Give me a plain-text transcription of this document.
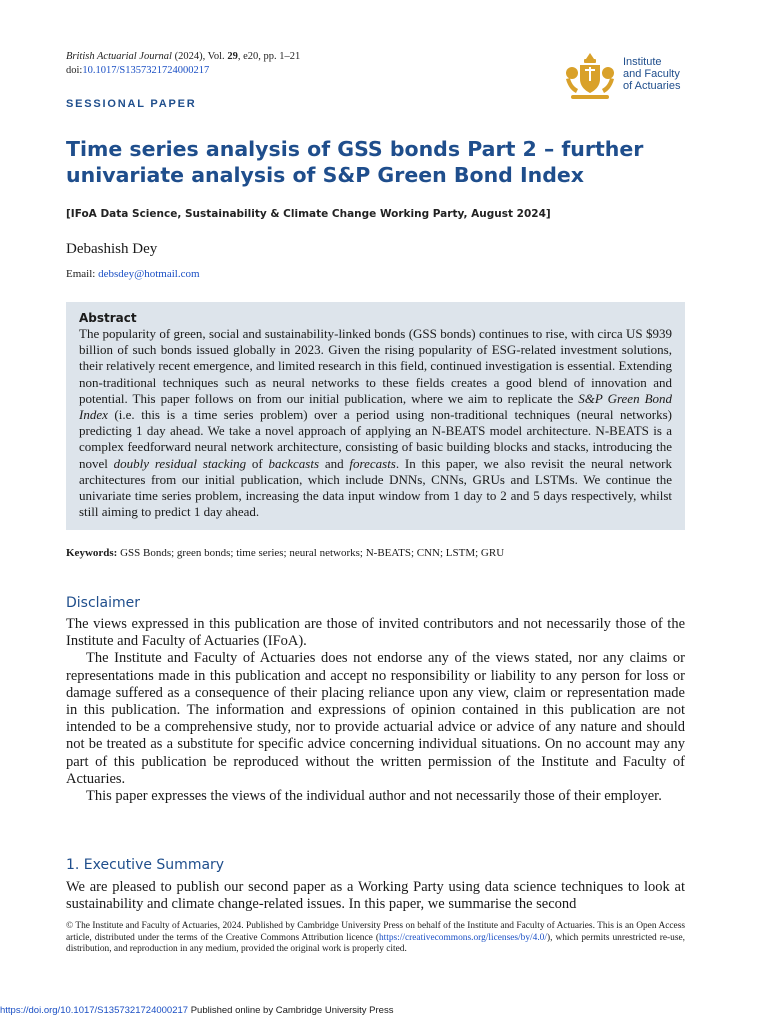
British Actuarial Journal (2024), Vol. 29, e20, pp. 1–21
doi:10.1017/S1357321724000217
Institute
and Faculty
of Actuaries
SESSIONAL PAPER
Time series analysis of GSS bonds Part 2 – further univariate analysis of S&P Green Bond Index
[IFoA Data Science, Sustainability & Climate Change Working Party, August 2024]
Debashish Dey
Email: debsdey@hotmail.com
Abstract
The popularity of green, social and sustainability-linked bonds (GSS bonds) continues to rise, with circa US $939 billion of such bonds issued globally in 2023. Given the rising popularity of ESG-related investment solutions, their relatively recent emergence, and limited research in this field, continued investigation is essential. Extending non-traditional techniques such as neural networks to these fields creates a good blend of innovation and potential. This paper follows on from our initial publication, where we aim to replicate the S&P Green Bond Index (i.e. this is a time series problem) over a period using non-traditional techniques (neural networks) predicting 1 day ahead. We take a novel approach of applying an N-BEATS model architecture. N-BEATS is a complex feedforward neural network architecture, consisting of basic building blocks and stacks, introducing the novel doubly residual stacking of backcasts and forecasts. In this paper, we also revisit the neural network architectures from our initial publication, which include DNNs, CNNs, GRUs and LSTMs. We continue the univariate time series problem, increasing the data input window from 1 day to 2 and 5 days respectively, whilst still aiming to predict 1 day ahead.
Keywords: GSS Bonds; green bonds; time series; neural networks; N-BEATS; CNN; LSTM; GRU
Disclaimer

The views expressed in this publication are those of invited contributors and not necessarily those of the Institute and Faculty of Actuaries (IFoA).

The Institute and Faculty of Actuaries does not endorse any of the views stated, nor any claims or representations made in this publication and accept no responsibility or liability to any person for loss or damage suffered as a consequence of their placing reliance upon any view, claim or representation made in this publication. The information and expressions of opinion contained in this publication are not intended to be a comprehensive study, nor to provide actuarial advice or advice of any nature and should not be treated as a substitute for specific advice concerning individual situations. On no account may any part of this publication be reproduced without the written permission of the Institute and Faculty of Actuaries.

This paper expresses the views of the individual author and not necessarily those of their employer.

1. Executive Summary

We are pleased to publish our second paper as a Working Party using data science techniques to look at sustainability and climate change-related issues. In this paper, we summarise the second

© The Institute and Faculty of Actuaries, 2024. Published by Cambridge University Press on behalf of the Institute and Faculty of Actuaries. This is an Open Access article, distributed under the terms of the Creative Commons Attribution licence (https://creativecommons.org/licenses/by/4.0/), which permits unrestricted re-use, distribution, and reproduction in any medium, provided the original work is properly cited.
https://doi.org/10.1017/S1357321724000217 Published online by Cambridge University Press
